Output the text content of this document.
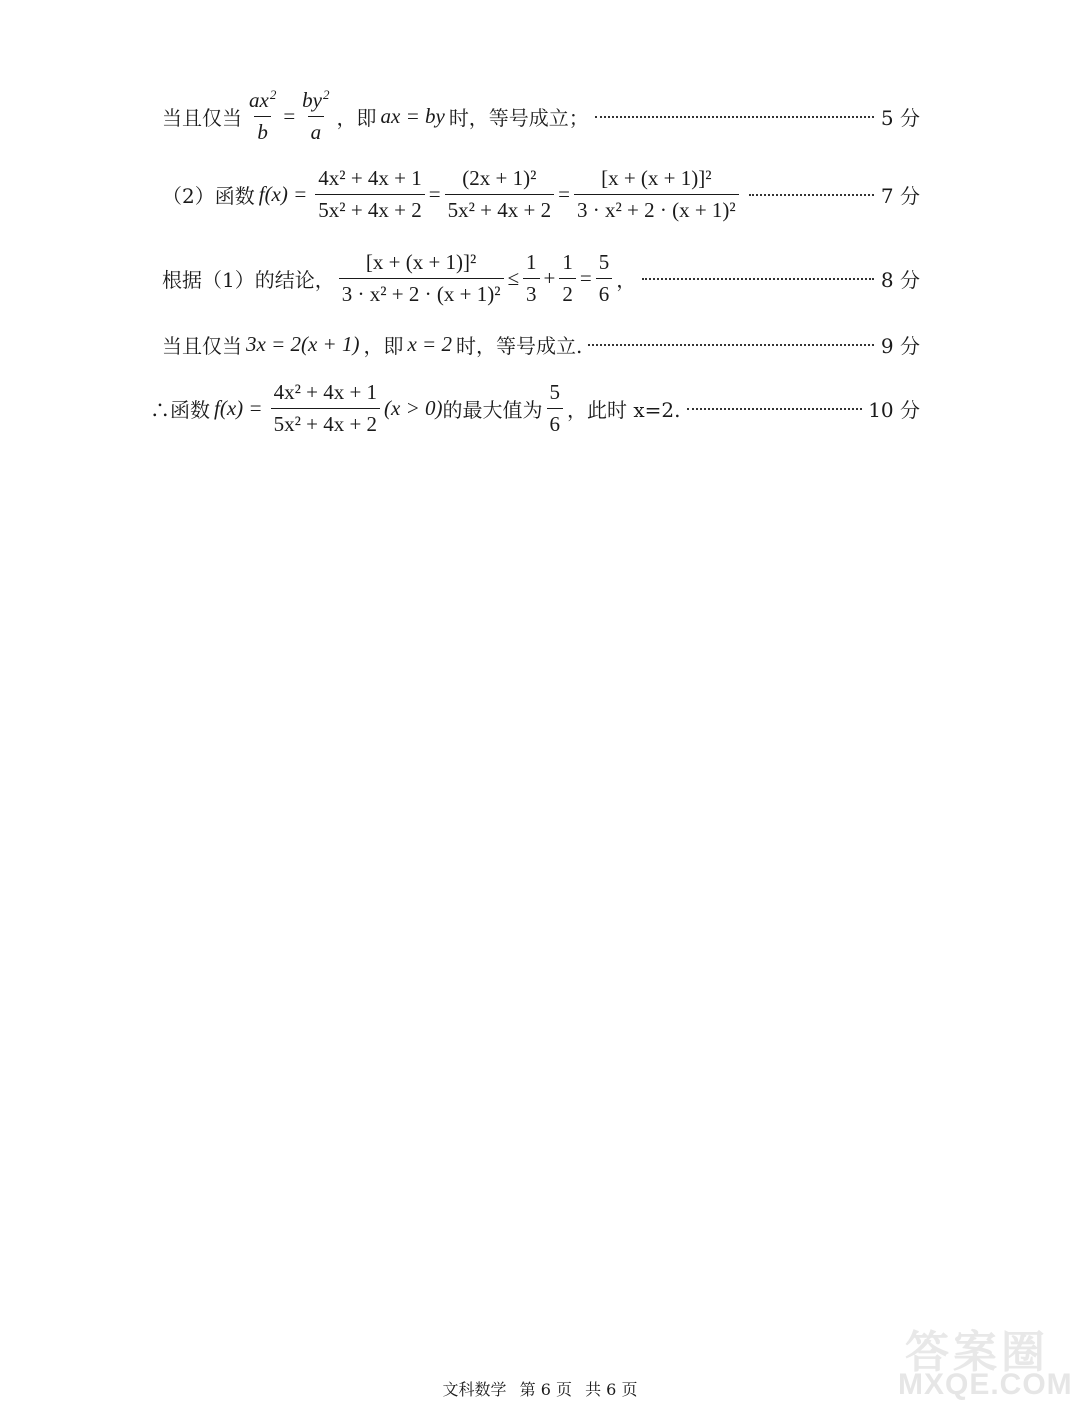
当且仅当 $\frac{ax^2}{b} = \frac{by^2}{a}$ ，即 ax = by 时，等号成立；	5 分
（2）函数 $f(x) = \frac{\text{4x² + 4x + 1}}{\text{5x² + 4x + 2}} = \frac{\text{(2x + 1)²}}{\text{5x² + 4x + 2}} = \frac{\text{[x + (x + 1)]²}}{\text{3 · x² + 2 · (x + 1)²}}$	7 分
根据（1）的结论， $\frac{\text{[x + (x + 1)]²}}{\text{3 · x² + 2 · (x + 1)²}} \le \frac{1}{3} + \frac{1}{2} = \frac{5}{6}$ ，	8 分
当且仅当 3x = 2(x + 1) ，即 x = 2 时，等号成立.	9 分
∴函数 $f(x) = \frac{\text{4x² + 4x + 1}}{\text{5x² + 4x + 2}} (x > 0)$ 的最大值为 $\frac{5}{6}$ ，此时 x=2.	10 分
答案圈
MXQE.COM
文科数学 第 6 页 共 6 页
